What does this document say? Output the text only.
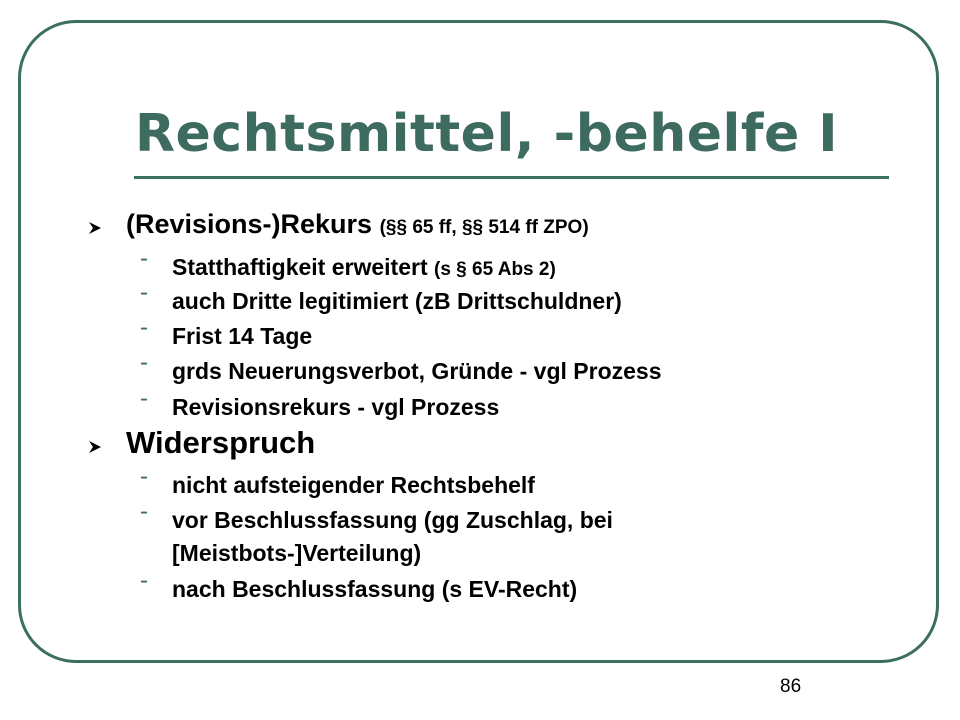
Rechtsmittel, -behelfe I
(Revisions-)Rekurs (§§ 65 ff, §§ 514 ff ZPO)
- Statthaftigkeit erweitert (s § 65 Abs 2)
- auch Dritte legitimiert (zB Drittschuldner)
- Frist 14 Tage
- grds Neuerungsverbot, Gründe - vgl Prozess
- Revisionsrekurs - vgl Prozess
Widerspruch
- nicht aufsteigender Rechtsbehelf
- vor Beschlussfassung (gg Zuschlag, bei
[Meistbots-]Verteilung)
- nach Beschlussfassung (s EV-Recht)
86
